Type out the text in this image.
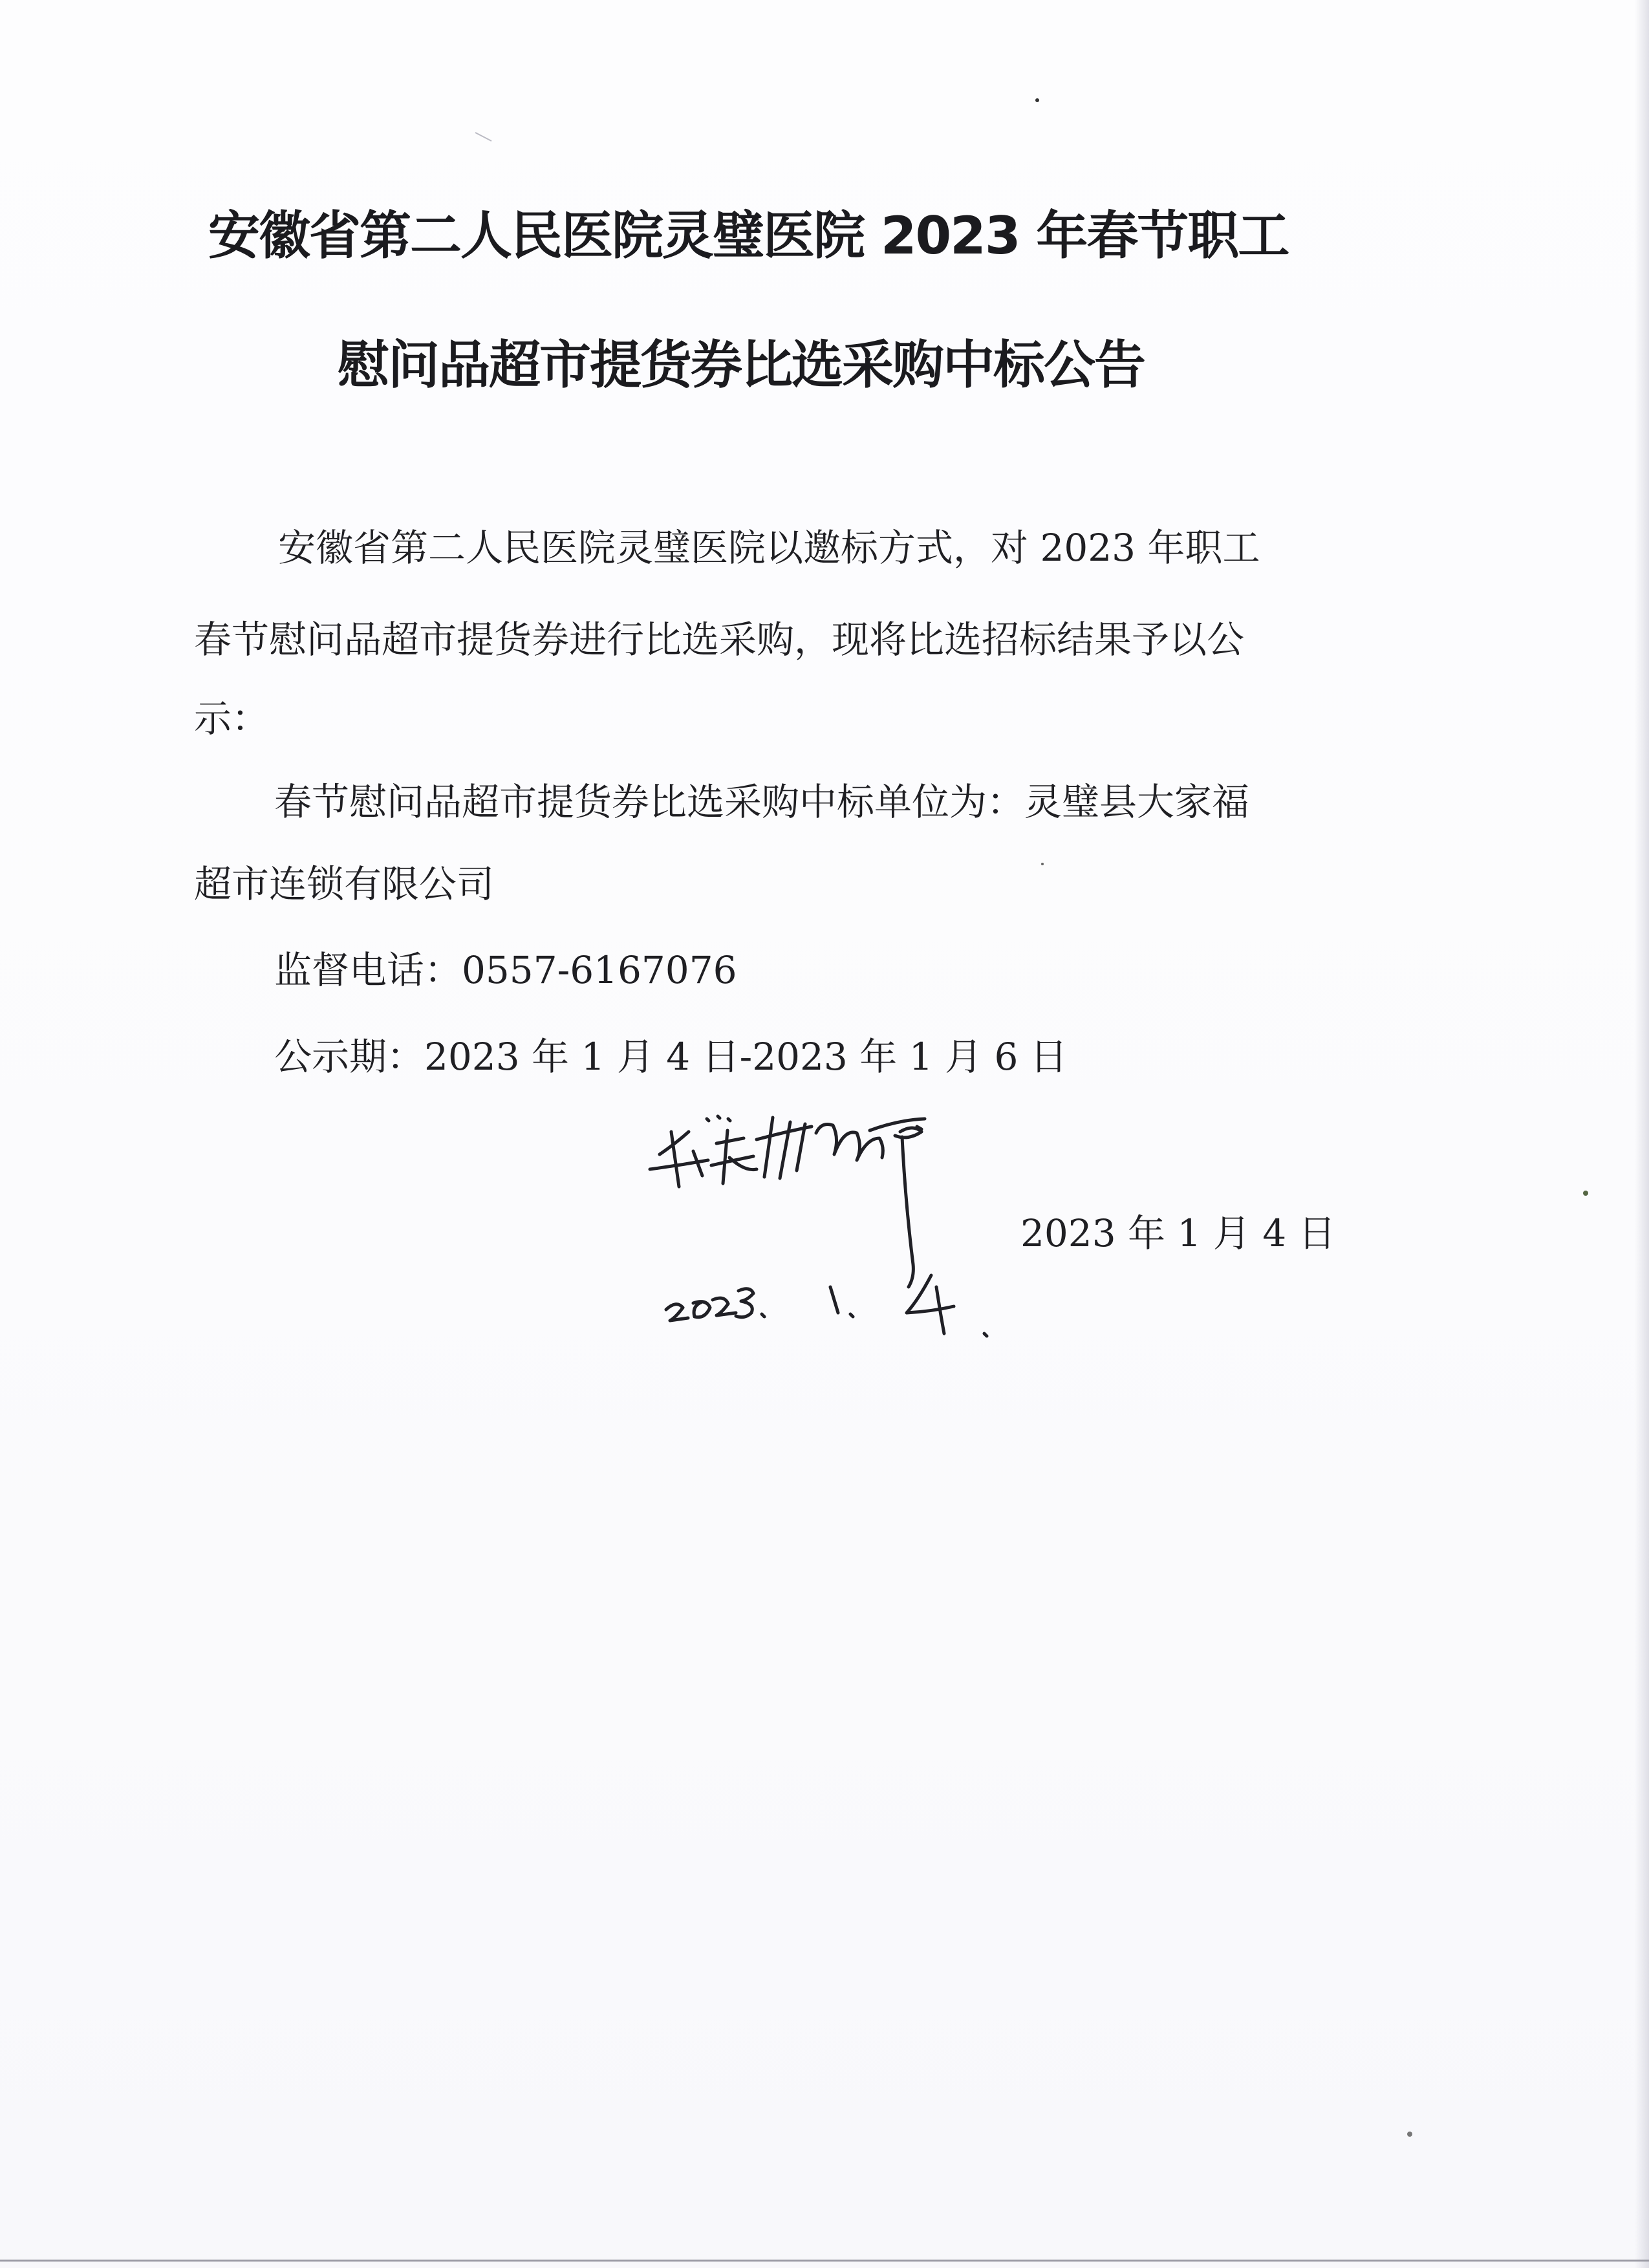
安徽省第二人民医院灵璧医院 2023 年春节职工
慰问品超市提货券比选采购中标公告

安徽省第二人民医院灵璧医院以邀标方式，对 2023 年职工

春节慰问品超市提货券进行比选采购，现将比选招标结果予以公

示：

春节慰问品超市提货券比选采购中标单位为：灵璧县大家福

超市连锁有限公司

监督电话：0557-6167076

公示期：2023 年 1 月 4 日-2023 年 1 月 6 日

2023 年 1 月 4 日
